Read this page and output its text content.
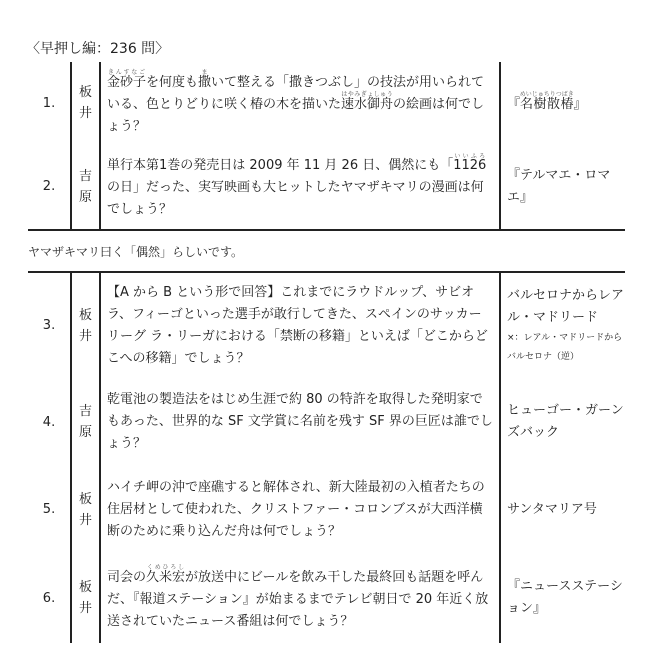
〈早押し編：236 問〉
1.
板井
金砂子きんすなごを何度も撒まいて整える「撒きつぶし」の技法が用いられている、色とりどりに咲く椿の木を描いた速水御舟はやみぎょしゅうの絵画は何でしょう？
『名樹散椿めいじゅちりつばき』
2.
吉原
単行本第1巻の発売日は 2009 年 11 月 26 日、偶然にも「1126いいふろの日」だった、実写映画も大ヒットしたヤマザキマリの漫画は何でしょう？
『テルマエ・ロマエ』
ヤマザキマリ曰く「偶然」らしいです。
3.
板井
【A から B という形で回答】これまでにラウドルップ、サビオラ、フィーゴといった選手が敢行してきた、スペインのサッカーリーグ ラ・リーガにおける「禁断の移籍」といえば「どこからどこへの移籍」でしょう？
バルセロナからレアル・マドリード
×：レアル・マドリードからバルセロナ（逆）
4.
吉原
乾電池の製造法をはじめ生涯で約 80 の特許を取得した発明家でもあった、世界的な SF 文学賞に名前を残す SF 界の巨匠は誰でしょう？
ヒューゴー・ガーンズバック
5.
板井
ハイチ岬の沖で座礁すると解体され、新大陸最初の入植者たちの住居材として使われた、クリストファー・コロンブスが大西洋横断のために乗り込んだ舟は何でしょう？
サンタマリア号
6.
板井
司会の久米宏くめひろしが放送中にビールを飲み干した最終回も話題を呼んだ、『報道ステーション』が始まるまでテレビ朝日で 20 年近く放送されていたニュース番組は何でしょう？
『ニュースステーション』
